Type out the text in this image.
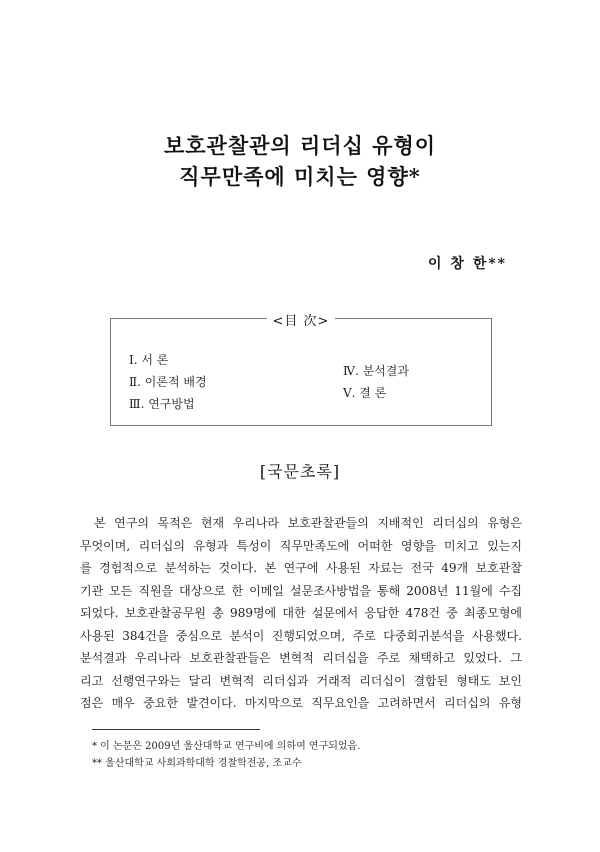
보호관찰관의 리더십 유형이
직무만족에 미치는 영향*
이 창 한**
<目 次>
Ⅰ. 서 론
Ⅱ. 이론적 배경
Ⅲ. 연구방법
Ⅳ. 분석결과
Ⅴ. 결 론
[국문초록]
본 연구의 목적은 현재 우리나라 보호관찰관들의 지배적인 리더십의 유형은
무엇이며, 리더십의 유형과 특성이 직무만족도에 어떠한 영향을 미치고 있는지
를 경험적으로 분석하는 것이다. 본 연구에 사용된 자료는 전국 49개 보호관찰
기관 모든 직원을 대상으로 한 이메일 설문조사방법을 통해 2008년 11월에 수집
되었다. 보호관찰공무원 총 989명에 대한 설문에서 응답한 478건 중 최종모형에
사용된 384건을 중심으로 분석이 진행되었으며, 주로 다중회귀분석을 사용했다.
분석결과 우리나라 보호관찰관들은 변혁적 리더십을 주로 채택하고 있었다. 그
리고 선행연구와는 달리 변혁적 리더십과 거래적 리더십이 결합된 형태도 보인
점은 매우 중요한 발견이다. 마지막으로 직무요인을 고려하면서 리더십의 유형
* 이 논문은 2009년 울산대학교 연구비에 의하여 연구되었음.
** 울산대학교 사회과학대학 경찰학전공, 조교수
